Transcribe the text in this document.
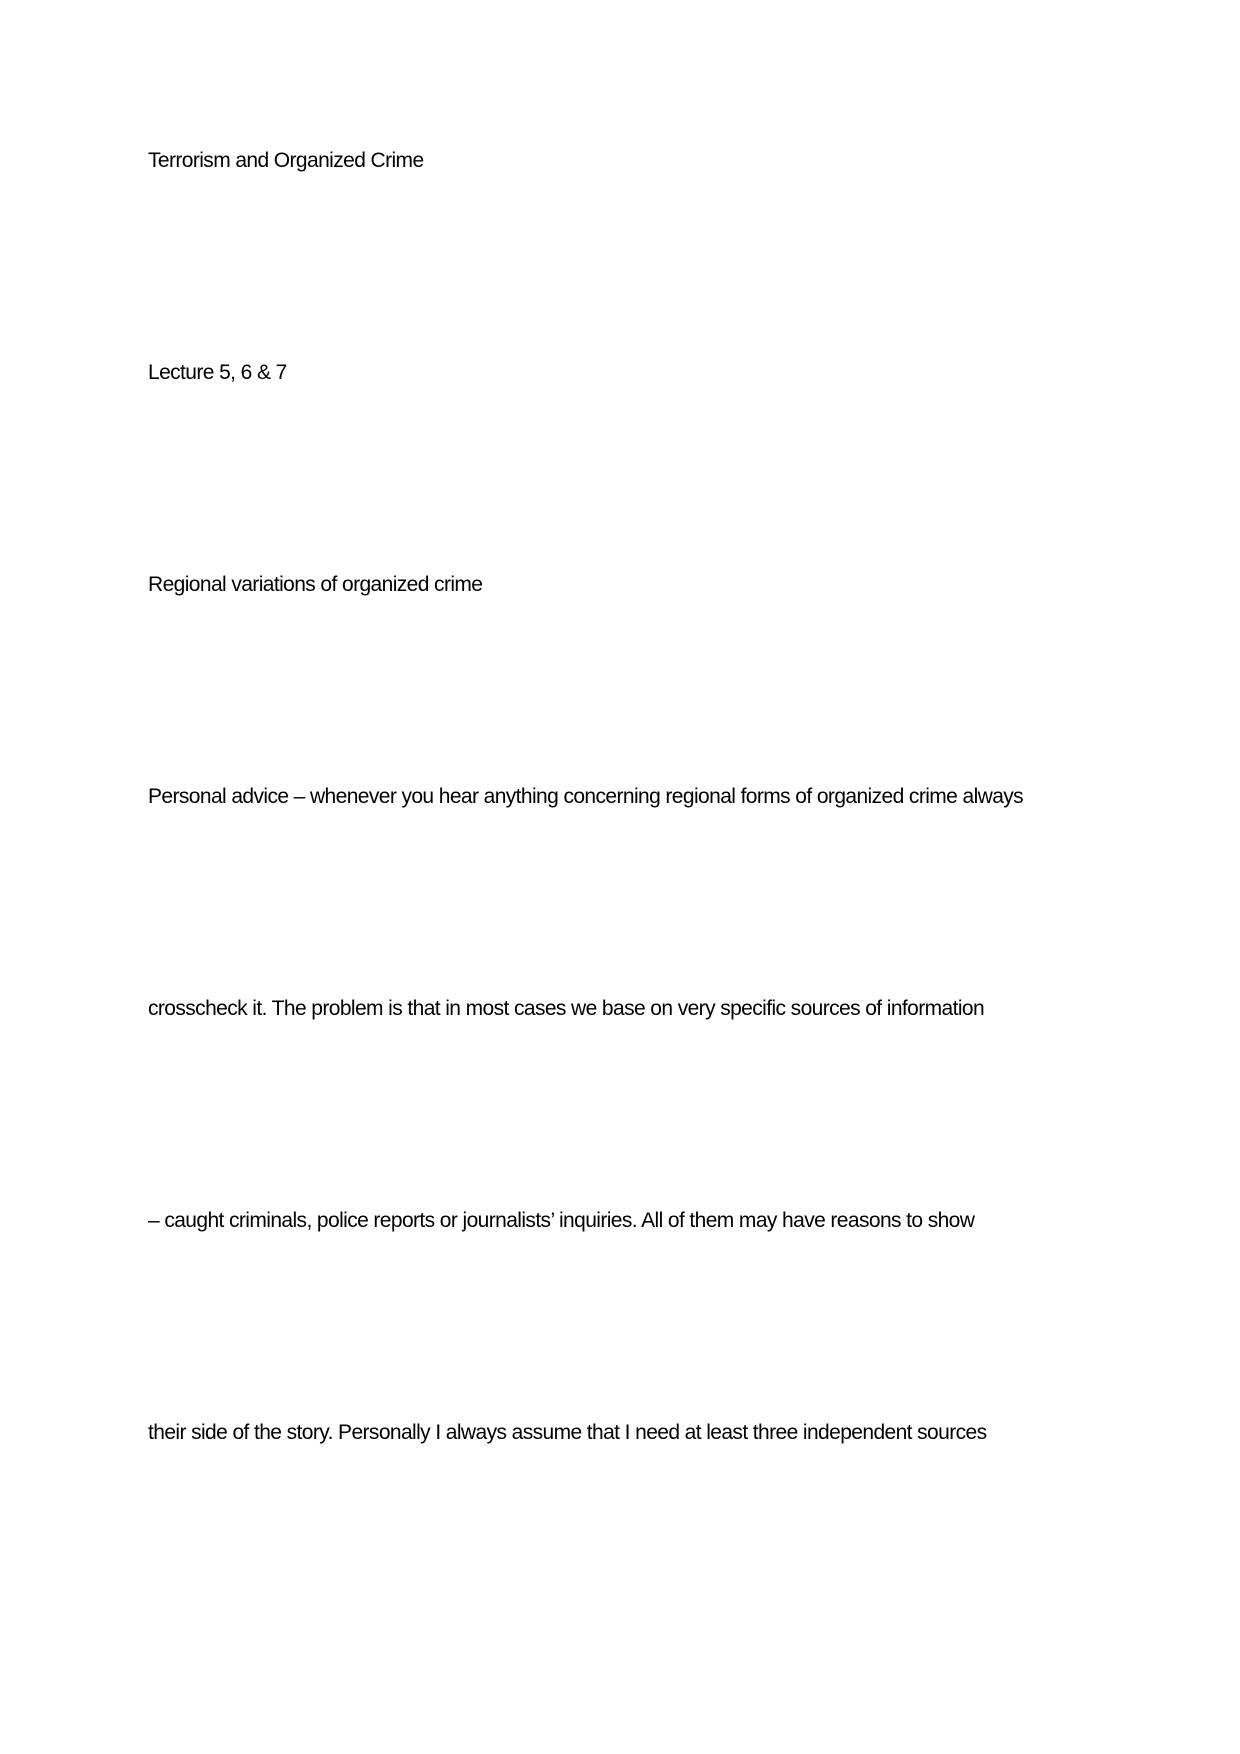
Terrorism and Organized Crime
Lecture 5, 6 & 7
Regional variations of organized crime
Personal advice – whenever you hear anything concerning regional forms of organized crime always
crosscheck it. The problem is that in most cases we base on very specific sources of information
– caught criminals, police reports or journalists’ inquiries. All of them may have reasons to show
their side of the story. Personally I always assume that I need at least three independent sources
